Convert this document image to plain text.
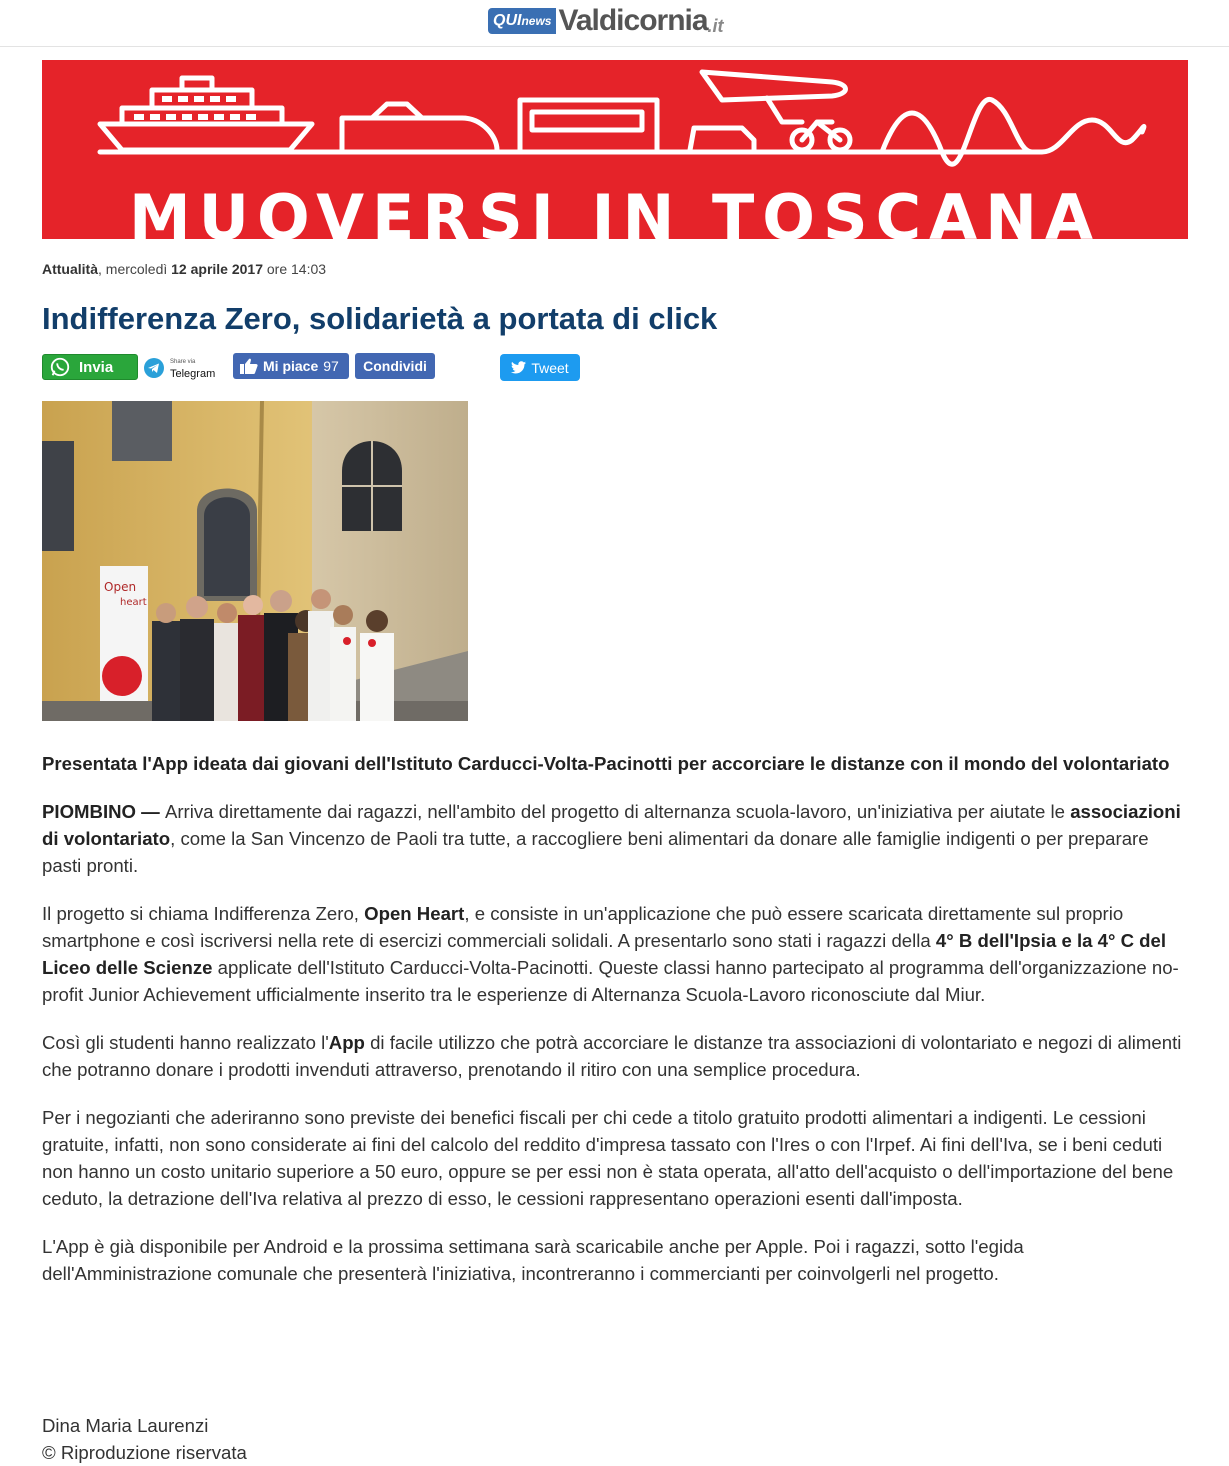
QUInews Valdicornia .it
MUOVERSI IN TOSCANA
Attualità, mercoledì 12 aprile 2017 ore 14:03
Indifferenza Zero, solidarietà a portata di click
Invia	Share via
Telegram	Mi piace 97 Condividi	Tweet
Open
heart

Presentata l'App ideata dai giovani dell'Istituto Carducci-Volta-Pacinotti per accorciare le distanze con il mondo del volontariato

PIOMBINO — Arriva direttamente dai ragazzi, nell'ambito del progetto di alternanza scuola-lavoro, un'iniziativa per aiutate le associazioni di volontariato, come la San Vincenzo de Paoli tra tutte, a raccogliere beni alimentari da donare alle famiglie indigenti o per preparare pasti pronti.

Il progetto si chiama Indifferenza Zero, Open Heart, e consiste in un'applicazione che può essere scaricata direttamente sul proprio smartphone e così iscriversi nella rete di esercizi commerciali solidali. A presentarlo sono stati i ragazzi della 4° B dell'Ipsia e la 4° C del Liceo delle Scienze applicate dell'Istituto Carducci-Volta-Pacinotti. Queste classi hanno partecipato al programma dell'organizzazione no-profit Junior Achievement ufficialmente inserito tra le esperienze di Alternanza Scuola-Lavoro riconosciute dal Miur.

Così gli studenti hanno realizzato l'App di facile utilizzo che potrà accorciare le distanze tra associazioni di volontariato e negozi di alimenti che potranno donare i prodotti invenduti attraverso, prenotando il ritiro con una semplice procedura.

Per i negozianti che aderiranno sono previste dei benefici fiscali per chi cede a titolo gratuito prodotti alimentari a indigenti. Le cessioni gratuite, infatti, non sono considerate ai fini del calcolo del reddito d'impresa tassato con l'Ires o con l'Irpef. Ai fini dell'Iva, se i beni ceduti non hanno un costo unitario superiore a 50 euro, oppure se per essi non è stata operata, all'atto dell'acquisto o dell'importazione del bene ceduto, la detrazione dell'Iva relativa al prezzo di esso, le cessioni rappresentano operazioni esenti dall'imposta.

L'App è già disponibile per Android e la prossima settimana sarà scaricabile anche per Apple. Poi i ragazzi, sotto l'egida dell'Amministrazione comunale che presenterà l'iniziativa, incontreranno i commercianti per coinvolgerli nel progetto.

Dina Maria Laurenzi
© Riproduzione riservata
